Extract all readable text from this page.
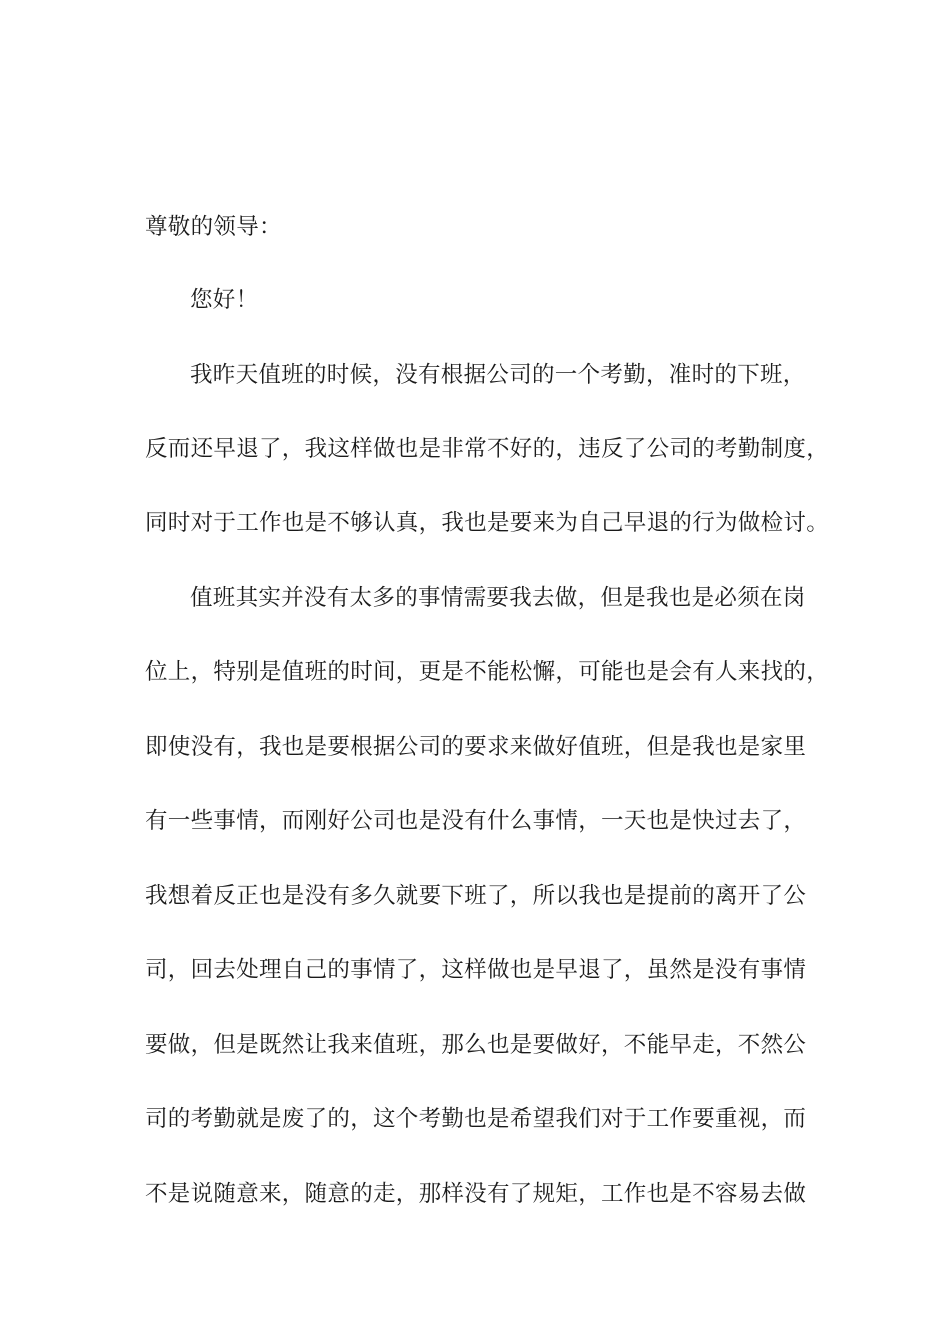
尊敬的领导：
您好！
我昨天值班的时候，没有根据公司的一个考勤，准时的下班，
反而还早退了，我这样做也是非常不好的，违反了公司的考勤制度，
同时对于工作也是不够认真，我也是要来为自己早退的行为做检讨。
值班其实并没有太多的事情需要我去做，但是我也是必须在岗
位上，特别是值班的时间，更是不能松懈，可能也是会有人来找的，
即使没有，我也是要根据公司的要求来做好值班，但是我也是家里
有一些事情，而刚好公司也是没有什么事情，一天也是快过去了，
我想着反正也是没有多久就要下班了，所以我也是提前的离开了公
司，回去处理自己的事情了，这样做也是早退了，虽然是没有事情
要做，但是既然让我来值班，那么也是要做好，不能早走，不然公
司的考勤就是废了的，这个考勤也是希望我们对于工作要重视，而
不是说随意来，随意的走，那样没有了规矩，工作也是不容易去做
